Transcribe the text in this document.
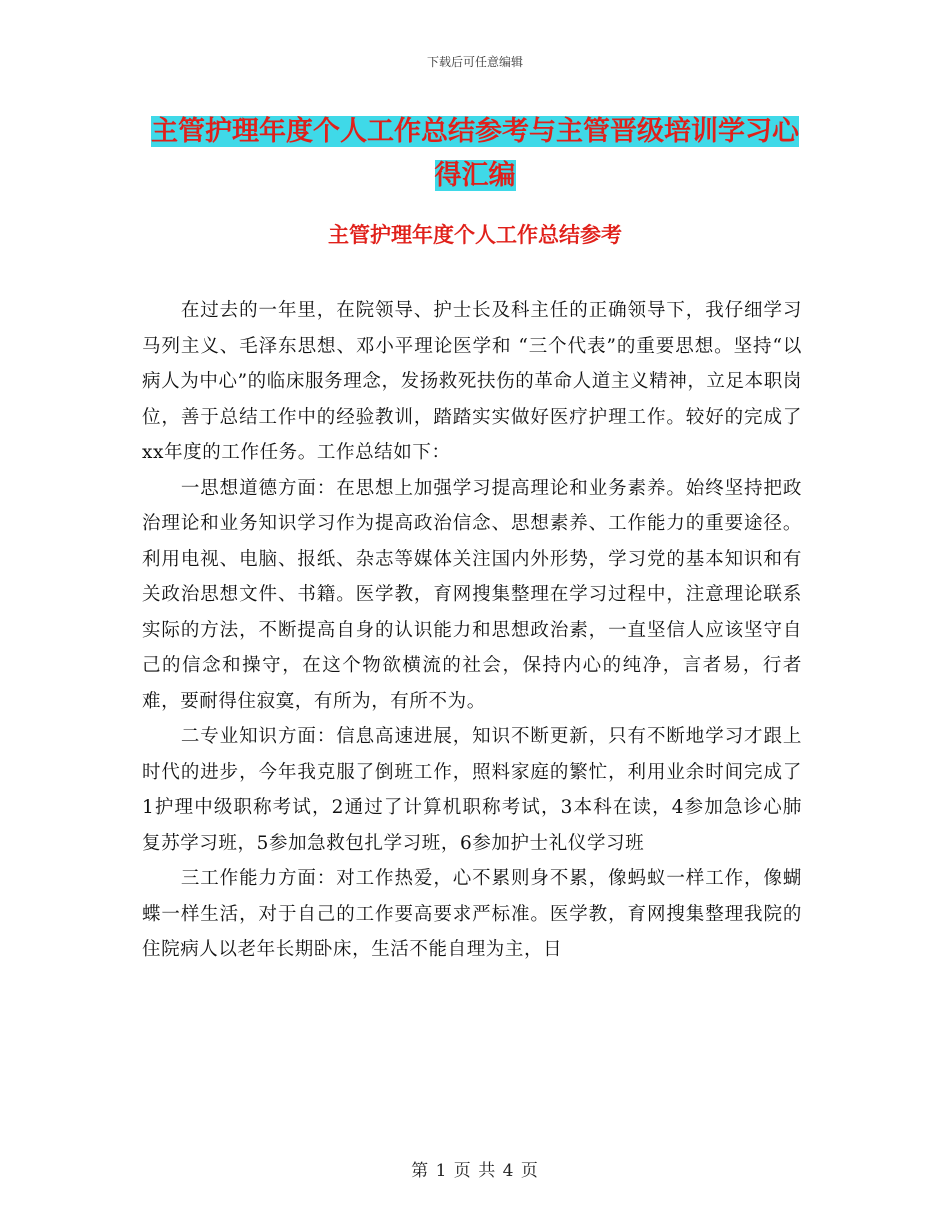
下载后可任意编辑
主管护理年度个人工作总结参考与主管晋级培训学习心得汇编
主管护理年度个人工作总结参考

在过去的一年里，在院领导、护士长及科主任的正确领导下，我仔细学习马列主义、毛泽东思想、邓小平理论医学和 “三个代表”的重要思想。坚持“以病人为中心”的临床服务理念，发扬救死扶伤的革命人道主义精神，立足本职岗位，善于总结工作中的经验教训，踏踏实实做好医疗护理工作。较好的完成了xx年度的工作任务。工作总结如下：

一思想道德方面：在思想上加强学习提高理论和业务素养。始终坚持把政治理论和业务知识学习作为提高政治信念、思想素养、工作能力的重要途径。利用电视、电脑、报纸、杂志等媒体关注国内外形势，学习党的基本知识和有关政治思想文件、书籍。医学教，育网搜集整理在学习过程中，注意理论联系实际的方法，不断提高自身的认识能力和思想政治素，一直坚信人应该坚守自己的信念和操守，在这个物欲横流的社会，保持内心的纯净，言者易，行者难，要耐得住寂寞，有所为，有所不为。

二专业知识方面：信息高速进展，知识不断更新，只有不断地学习才跟上时代的进步，今年我克服了倒班工作，照料家庭的繁忙，利用业余时间完成了1护理中级职称考试，2通过了计算机职称考试，3本科在读，4参加急诊心肺复苏学习班，5参加急救包扎学习班，6参加护士礼仪学习班

三工作能力方面：对工作热爱，心不累则身不累，像蚂蚁一样工作，像蝴蝶一样生活，对于自己的工作要高要求严标准。医学教，育网搜集整理我院的住院病人以老年长期卧床，生活不能自理为主，日

第 1 页 共 4 页
